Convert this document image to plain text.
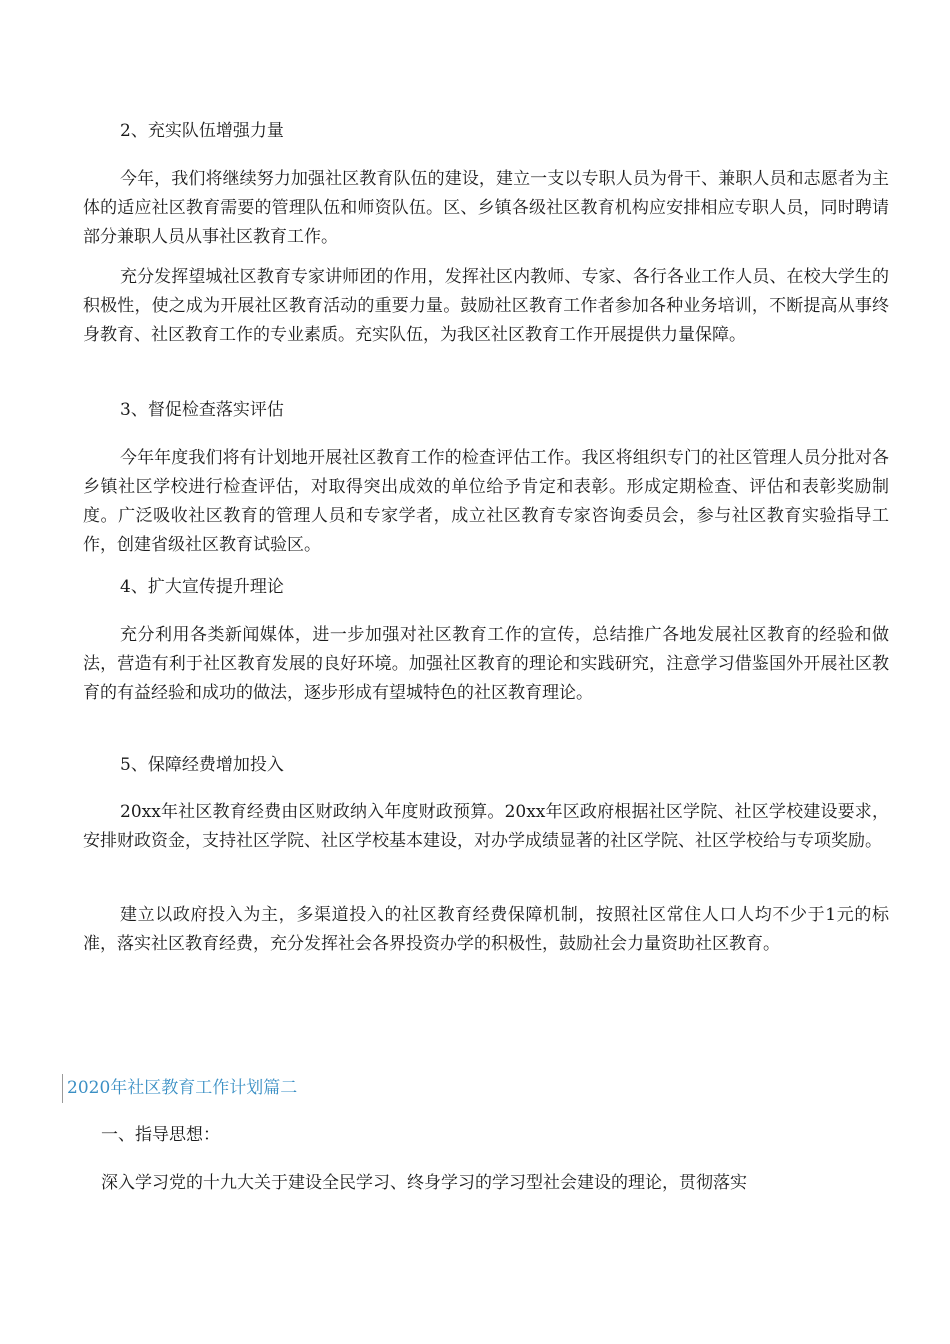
2、充实队伍增强力量

今年，我们将继续努力加强社区教育队伍的建设，建立一支以专职人员为骨干、兼职人员和志愿者为主体的适应社区教育需要的管理队伍和师资队伍。区、乡镇各级社区教育机构应安排相应专职人员，同时聘请部分兼职人员从事社区教育工作。

充分发挥望城社区教育专家讲师团的作用，发挥社区内教师、专家、各行各业工作人员、在校大学生的积极性，使之成为开展社区教育活动的重要力量。鼓励社区教育工作者参加各种业务培训，不断提高从事终身教育、社区教育工作的专业素质。充实队伍，为我区社区教育工作开展提供力量保障。

3、督促检查落实评估

今年年度我们将有计划地开展社区教育工作的检查评估工作。我区将组织专门的社区管理人员分批对各乡镇社区学校进行检查评估，对取得突出成效的单位给予肯定和表彰。形成定期检查、评估和表彰奖励制度。广泛吸收社区教育的管理人员和专家学者，成立社区教育专家咨询委员会，参与社区教育实验指导工作，创建省级社区教育试验区。

4、扩大宣传提升理论

充分利用各类新闻媒体，进一步加强对社区教育工作的宣传，总结推广各地发展社区教育的经验和做法，营造有利于社区教育发展的良好环境。加强社区教育的理论和实践研究，注意学习借鉴国外开展社区教育的有益经验和成功的做法，逐步形成有望城特色的社区教育理论。

5、保障经费增加投入

20xx年社区教育经费由区财政纳入年度财政预算。20xx年区政府根据社区学院、社区学校建设要求，安排财政资金，支持社区学院、社区学校基本建设，对办学成绩显著的社区学院、社区学校给与专项奖励。

建立以政府投入为主，多渠道投入的社区教育经费保障机制，按照社区常住人口人均不少于1元的标准，落实社区教育经费，充分发挥社会各界投资办学的积极性，鼓励社会力量资助社区教育。

2020年社区教育工作计划篇二

一、指导思想：

深入学习党的十九大关于建设全民学习、终身学习的学习型社会建设的理论，贯彻落实
